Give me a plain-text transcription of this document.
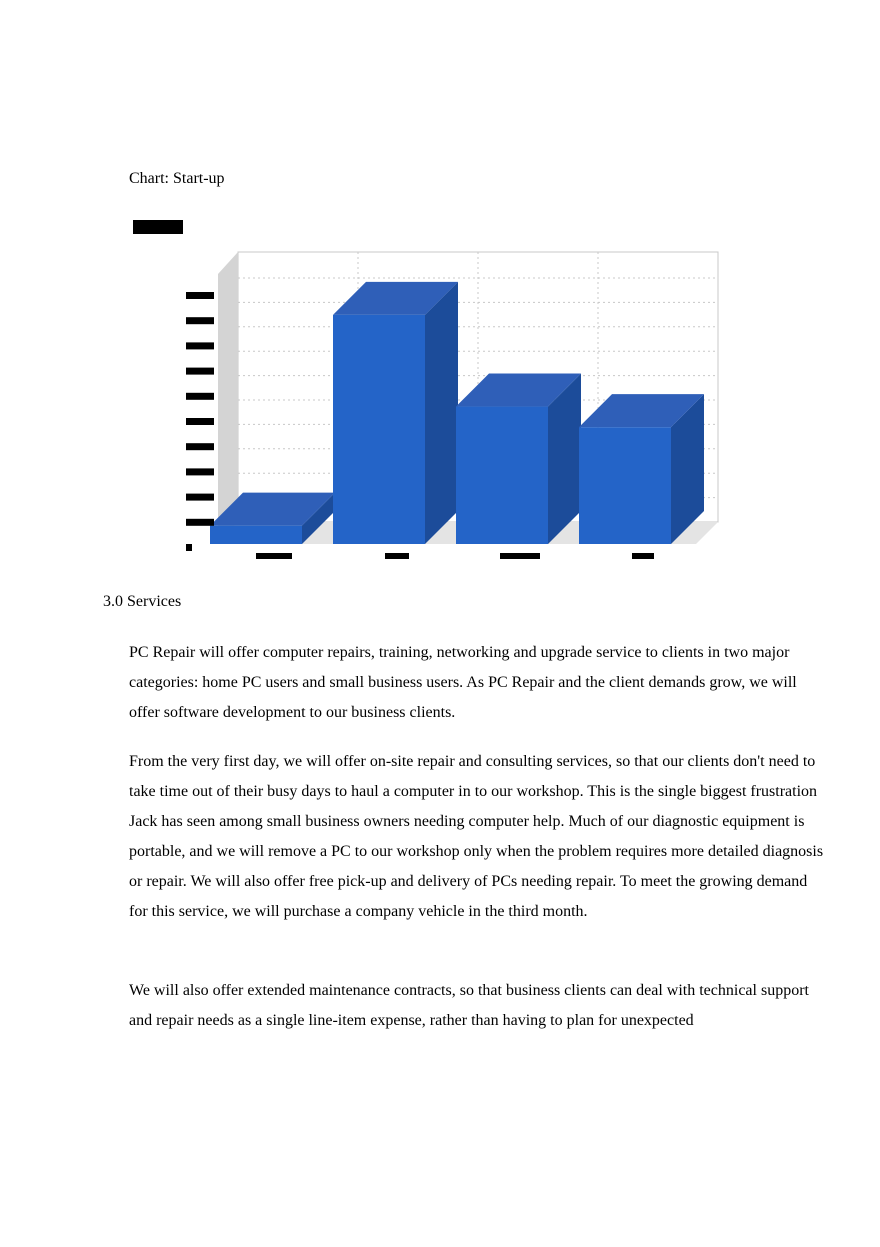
Chart: Start-up
3.0 Services

PC Repair will offer computer repairs, training, networking and upgrade service to clients in two major categories: home PC users and small business users. As PC Repair and the client demands grow, we will offer software development to our business clients.

From the very first day, we will offer on-site repair and consulting services, so that our clients don't need to take time out of their busy days to haul a computer in to our workshop. This is the single biggest frustration Jack has seen among small business owners needing computer help. Much of our diagnostic equipment is portable, and we will remove a PC to our workshop only when the problem requires more detailed diagnosis or repair. We will also offer free pick-up and delivery of PCs needing repair. To meet the growing demand for this service, we will purchase a company vehicle in the third month.

We will also offer extended maintenance contracts, so that business clients can deal with technical support and repair needs as a single line-item expense, rather than having to plan for unexpected
